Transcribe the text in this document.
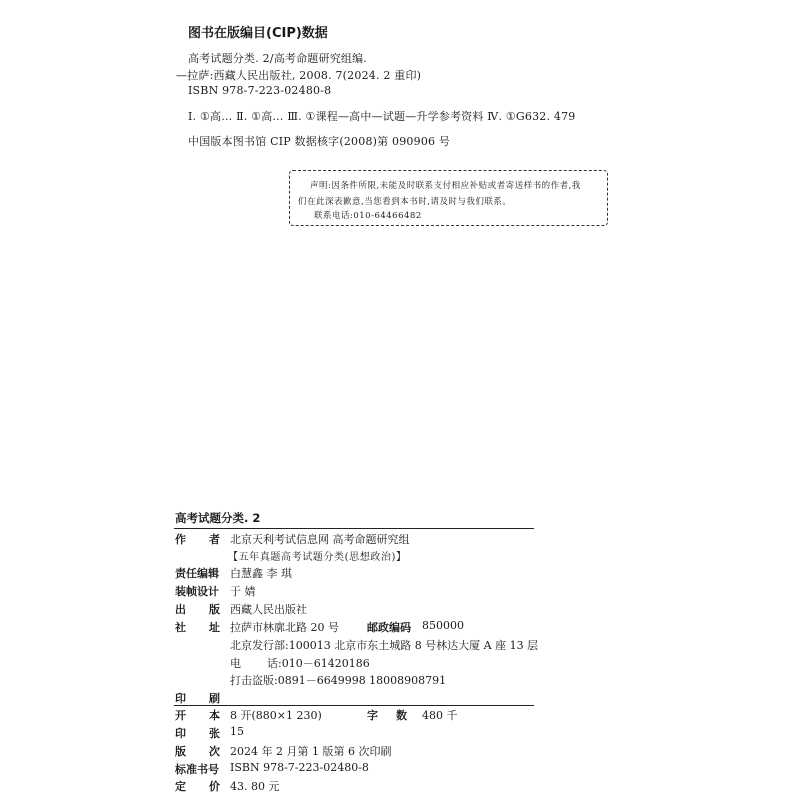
图书在版编目(CIP)数据
高考试题分类. 2/高考命题研究组编.
—拉萨:西藏人民出版社, 2008. 7(2024. 2 重印)
ISBN 978-7-223-02480-8
Ⅰ. ①高… Ⅱ. ①高… Ⅲ. ①课程—高中—试题—升学参考资料 Ⅳ. ①G632. 479
中国版本图书馆 CIP 数据核字(2008)第 090906 号
声明:因条件所限,未能及时联系支付相应补贴或者寄送样书的作者,我
们在此深表歉意,当您看到本书时,请及时与我们联系。
联系电话:010-64466482
高考试题分类. 2
作 者 北京天利考试信息网 高考命题研究组
【五年真题高考试题分类(思想政治)】
责任编辑 白慧鑫 李 琪
装帧设计 于 婧
出 版 西藏人民出版社
社 址 拉萨市林廓北路 20 号	邮政编码 850000
北京发行部:100013 北京市东土城路 8 号林达大厦 A 座 13 层
电 话 :010－61420186
打击盗版:0891－6649998 18008908791
印 刷
开 本 8 开(880×1 230)	字 数 480 千
印 张 15
版 次 2024 年 2 月第 1 版第 6 次印刷
标准书号 ISBN 978-7-223-02480-8
定 价 43. 80 元
